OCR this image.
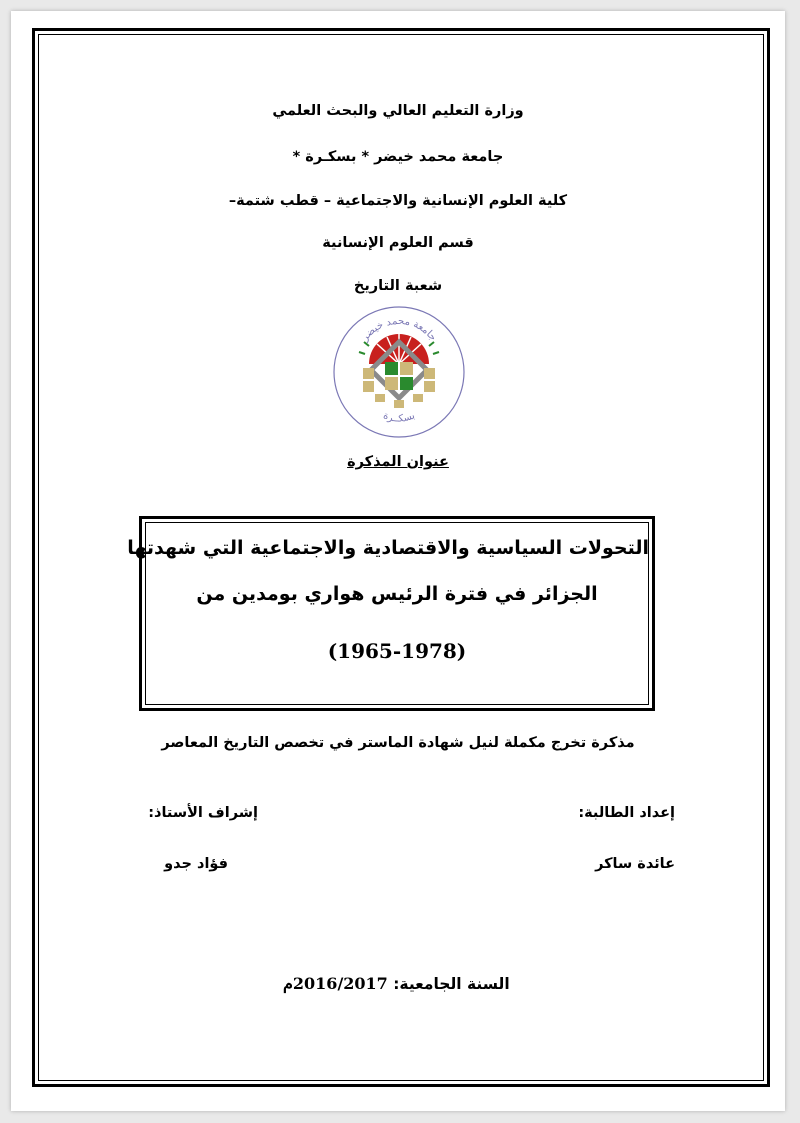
وزارة التعليم العالي والبحث العلمي
جامعة محمد خيضر * بسكـرة *
كلية العلوم الإنسانية والاجتماعية – قطب شتمة–
قسم العلوم الإنسانية
شعبة التاريخ
جامعة محمد خيضر
بسكــرة
عنوان المذكرة
التحولات السياسية والاقتصادية والاجتماعية التي شهدتها
الجزائر في فترة الرئيس هواري بومدين من
(1965-1978)
مذكرة تخرج مكملة لنيل شهادة الماستر في تخصص التاريخ المعاصر
إعداد الطالبة:
عائدة ساكر
إشراف الأستاذ:
فؤاد جدو
السنة الجامعية: 2016/2017م
